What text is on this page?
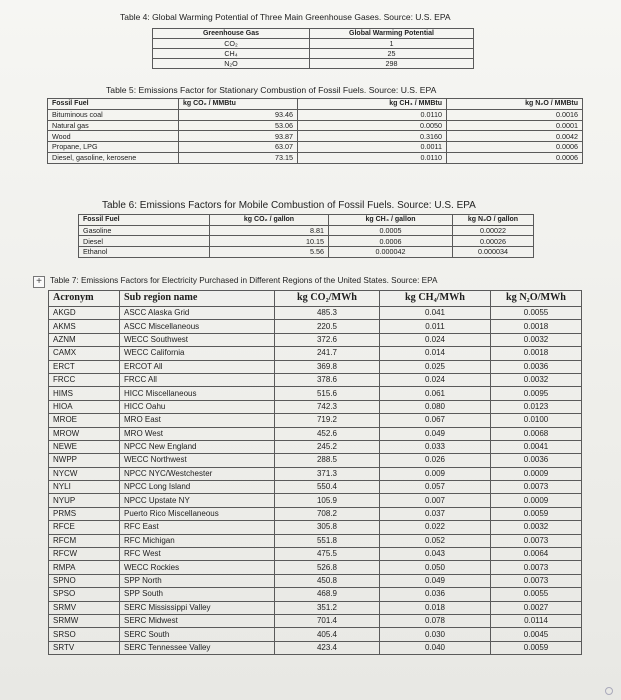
Table 4: Global Warming Potential of Three Main Greenhouse Gases. Source: U.S. EPA
Greenhouse Gas	Global Warming Potential
CO₂	1
CH₄	25
N₂O	298
Table 5: Emissions Factor for Stationary Combustion of Fossil Fuels. Source: U.S. EPA
Fossil Fuel	kg CO₂ / MMBtu	kg CH₄ / MMBtu	kg N₂O / MMBtu
Bituminous coal	93.46	0.0110	0.0016
Natural gas	53.06	0.0050	0.0001
Wood	93.87	0.3160	0.0042
Propane, LPG	63.07	0.0011	0.0006
Diesel, gasoline, kerosene	73.15	0.0110	0.0006
Table 6: Emissions Factors for Mobile Combustion of Fossil Fuels. Source: U.S. EPA
Fossil Fuel	kg CO₂ / gallon	kg CH₄ / gallon	kg N₂O / gallon
Gasoline	8.81	0.0005	0.00022
Diesel	10.15	0.0006	0.00026
Ethanol	5.56	0.000042	0.000034
+ Table 7: Emissions Factors for Electricity Purchased in Different Regions of the United States. Source: EPA
Acronym	Sub region name	kg CO₂/MWh	kg CH₄/MWh	kg N₂O/MWh
AKGD	ASCC Alaska Grid	485.3	0.041	0.0055
AKMS	ASCC Miscellaneous	220.5	0.011	0.0018
AZNM	WECC Southwest	372.6	0.024	0.0032
CAMX	WECC California	241.7	0.014	0.0018
ERCT	ERCOT All	369.8	0.025	0.0036
FRCC	FRCC All	378.6	0.024	0.0032
HIMS	HICC Miscellaneous	515.6	0.061	0.0095
HIOA	HICC Oahu	742.3	0.080	0.0123
MROE	MRO East	719.2	0.067	0.0100
MROW	MRO West	452.6	0.049	0.0068
NEWE	NPCC New England	245.2	0.033	0.0041
NWPP	WECC Northwest	288.5	0.026	0.0036
NYCW	NPCC NYC/Westchester	371.3	0.009	0.0009
NYLI	NPCC Long Island	550.4	0.057	0.0073
NYUP	NPCC Upstate NY	105.9	0.007	0.0009
PRMS	Puerto Rico Miscellaneous	708.2	0.037	0.0059
RFCE	RFC East	305.8	0.022	0.0032
RFCM	RFC Michigan	551.8	0.052	0.0073
RFCW	RFC West	475.5	0.043	0.0064
RMPA	WECC Rockies	526.8	0.050	0.0073
SPNO	SPP North	450.8	0.049	0.0073
SPSO	SPP South	468.9	0.036	0.0055
SRMV	SERC Mississippi Valley	351.2	0.018	0.0027
SRMW	SERC Midwest	701.4	0.078	0.0114
SRSO	SERC South	405.4	0.030	0.0045
SRTV	SERC Tennessee Valley	423.4	0.040	0.0059
